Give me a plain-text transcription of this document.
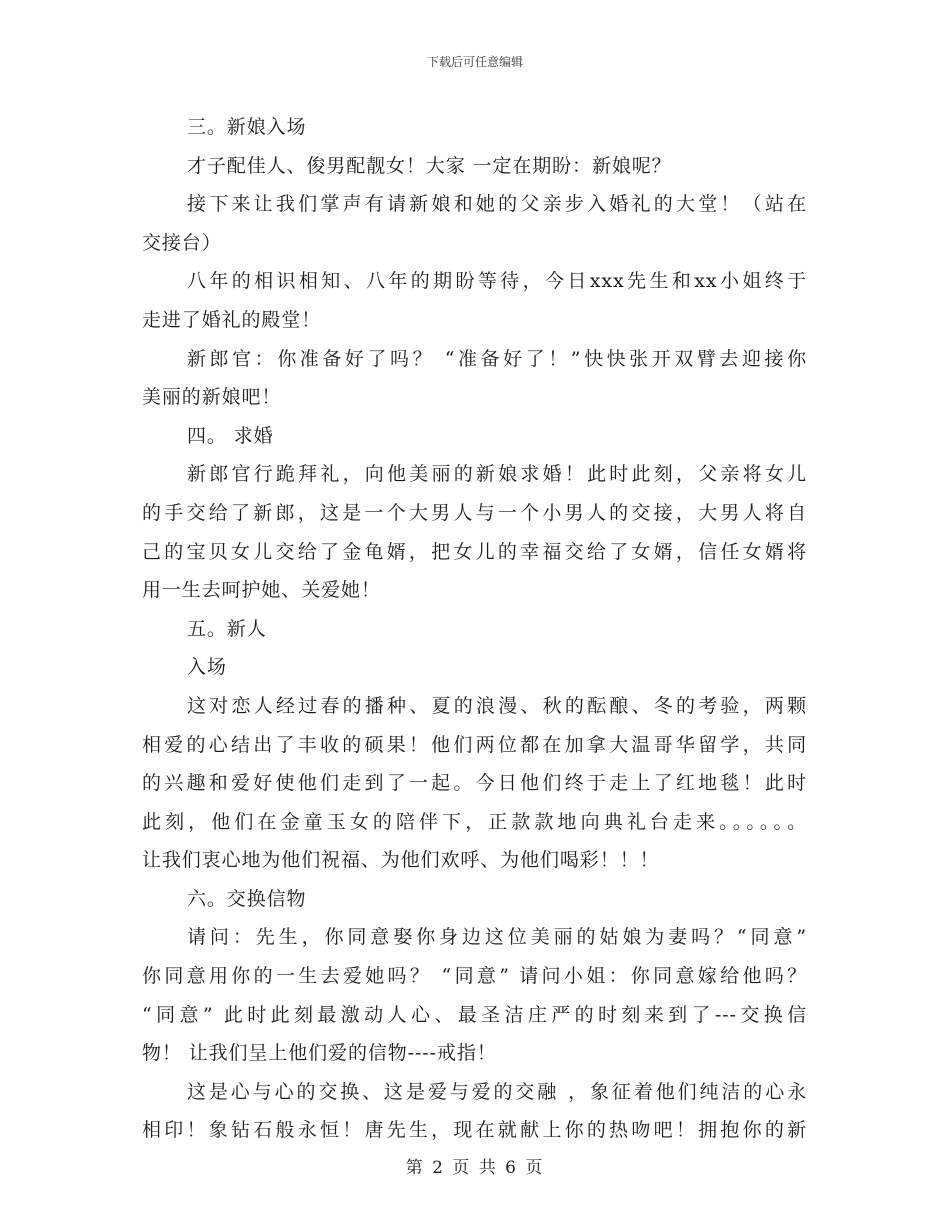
下载后可任意编辑
三。新娘入场
才子配佳人、俊男配靓女！大家 一定在期盼：新娘呢？
接下来让我们掌声有请新娘和她的父亲步入婚礼的大堂！（站在
交接台）
八年的相识相知、八年的期盼等待，今日xxx先生和xx小姐终于
走进了婚礼的殿堂！
新郎官：你准备好了吗？ “准备好了！”快快张开双臂去迎接你
美丽的新娘吧！
四。 求婚
新郎官行跪拜礼，向他美丽的新娘求婚！此时此刻，父亲将女儿
的手交给了新郎，这是一个大男人与一个小男人的交接，大男人将自
己的宝贝女儿交给了金龟婿，把女儿的幸福交给了女婿，信任女婿将
用一生去呵护她、关爱她！
五。新人
入场
这对恋人经过春的播种、夏的浪漫、秋的酝酿、冬的考验，两颗
相爱的心结出了丰收的硕果！他们两位都在加拿大温哥华留学，共同
的兴趣和爱好使他们走到了一起。今日他们终于走上了红地毯！此时
此刻，他们在金童玉女的陪伴下，正款款地向典礼台走来。。。。。。
让我们衷心地为他们祝福、为他们欢呼、为他们喝彩！！！
六。交换信物
请问：先生，你同意娶你身边这位美丽的姑娘为妻吗？“同意”
你同意用你的一生去爱她吗？ “同意” 请问小姐：你同意嫁给他吗？
“同意” 此时此刻最激动人心、最圣洁庄严的时刻来到了---交换信
物！ 让我们呈上他们爱的信物----戒指！
这是心与心的交换、这是爱与爱的交融 ，象征着他们纯洁的心永
相印！象钻石般永恒！唐先生，现在就献上你的热吻吧！拥抱你的新
第 2 页 共 6 页
